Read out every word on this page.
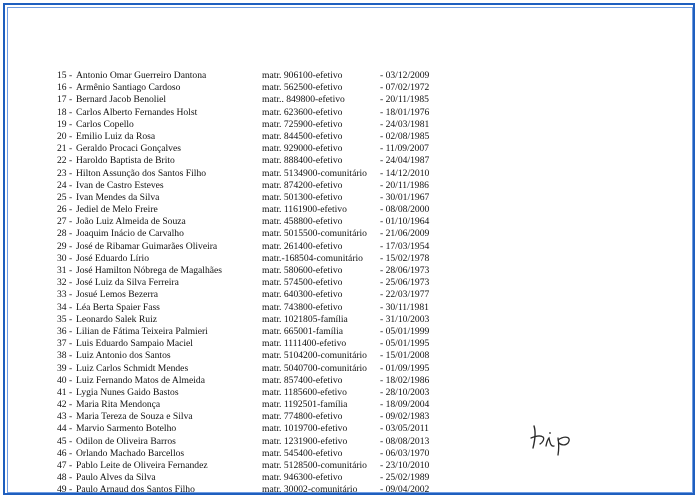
15 - Antonio Omar Guerreiro Dantona	matr. 906100-efetivo	- 03/12/2009
16 - Armênio Santiago Cardoso	matr. 562500-efetivo	- 07/02/1972
17 - Bernard Jacob Benoliel	matr.. 849800-efetivo	- 20/11/1985
18 - Carlos Alberto Fernandes Holst	matr. 623600-efetivo	- 18/01/1976
19 - Carlos Copello	matr. 725900-efetivo	- 24/03/1981
20 - Emilio Luiz da Rosa	matr. 844500-efetivo	- 02/08/1985
21 - Geraldo Procaci Gonçalves	matr. 929000-efetivo	- 11/09/2007
22 - Haroldo Baptista de Brito	matr. 888400-efetivo	- 24/04/1987
23 - Hilton Assunção dos Santos Filho	matr. 5134900-comunitário - 14/12/2010
24 - Ivan de Castro Esteves	matr. 874200-efetivo	- 20/11/1986
25 - Ivan Mendes da Silva	matr. 501300-efetivo	- 30/01/1967
26 - Jediel de Melo Freire	matr. 1161900-efetivo	- 08/08/2000
27 - João Luiz Almeida de Souza	matr. 458800-efetivo	- 01/10/1964
28 - Joaquim Inácio de Carvalho	matr. 5015500-comunitário - 21/06/2009
29 - José de Ribamar Guimarães Oliveira	matr. 261400-efetivo	- 17/03/1954
30 - José Eduardo Lírio	matr.-168504-comunitário - 15/02/1978
31 - José Hamilton Nóbrega de Magalhães	matr. 580600-efetivo	- 28/06/1973
32 - José Luiz da Silva Ferreira	matr. 574500-efetivo	- 25/06/1973
33 - Josué Lemos Bezerra	matr. 640300-efetivo	- 22/03/1977
34 - Léa Berta Spaier Fass	matr. 743800-efetivo	- 30/11/1981
35 - Leonardo Salek Ruiz	matr. 1021805-família	- 31/10/2003
36 - Lilian de Fátima Teixeira Palmieri	matr. 665001-família	- 05/01/1999
37 - Luis Eduardo Sampaio Maciel	matr. 1111400-efetivo	- 05/01/1995
38 - Luiz Antonio dos Santos	matr. 5104200-comunitário - 15/01/2008
39 - Luiz Carlos Schmidt Mendes	matr. 5040700-comunitário - 01/09/1995
40 - Luiz Fernando Matos de Almeida	matr. 857400-efetivo	- 18/02/1986
41 - Lygia Nunes Gaido Bastos	matr. 1185600-efetivo	- 28/10/2003
42 - Maria Rita Mendonça	matr. 1192501-família	- 18/09/2004
43 - Maria Tereza de Souza e Silva	matr. 774800-efetivo	- 09/02/1983
44 - Marvio Sarmento Botelho	matr. 1019700-efetivo	- 03/05/2011
45 - Odilon de Oliveira Barros	matr. 1231900-efetivo	- 08/08/2013
46 - Orlando Machado Barcellos	matr. 545400-efetivo	- 06/03/1970
47 - Pablo Leite de Oliveira Fernandez	matr. 5128500-comunitário - 23/10/2010
48 - Paulo Alves da Silva	matr. 946300-efetivo	- 25/02/1989
49 - Paulo Arnaud dos Santos Filho	matr. 30002-comunitário - 09/04/2002
